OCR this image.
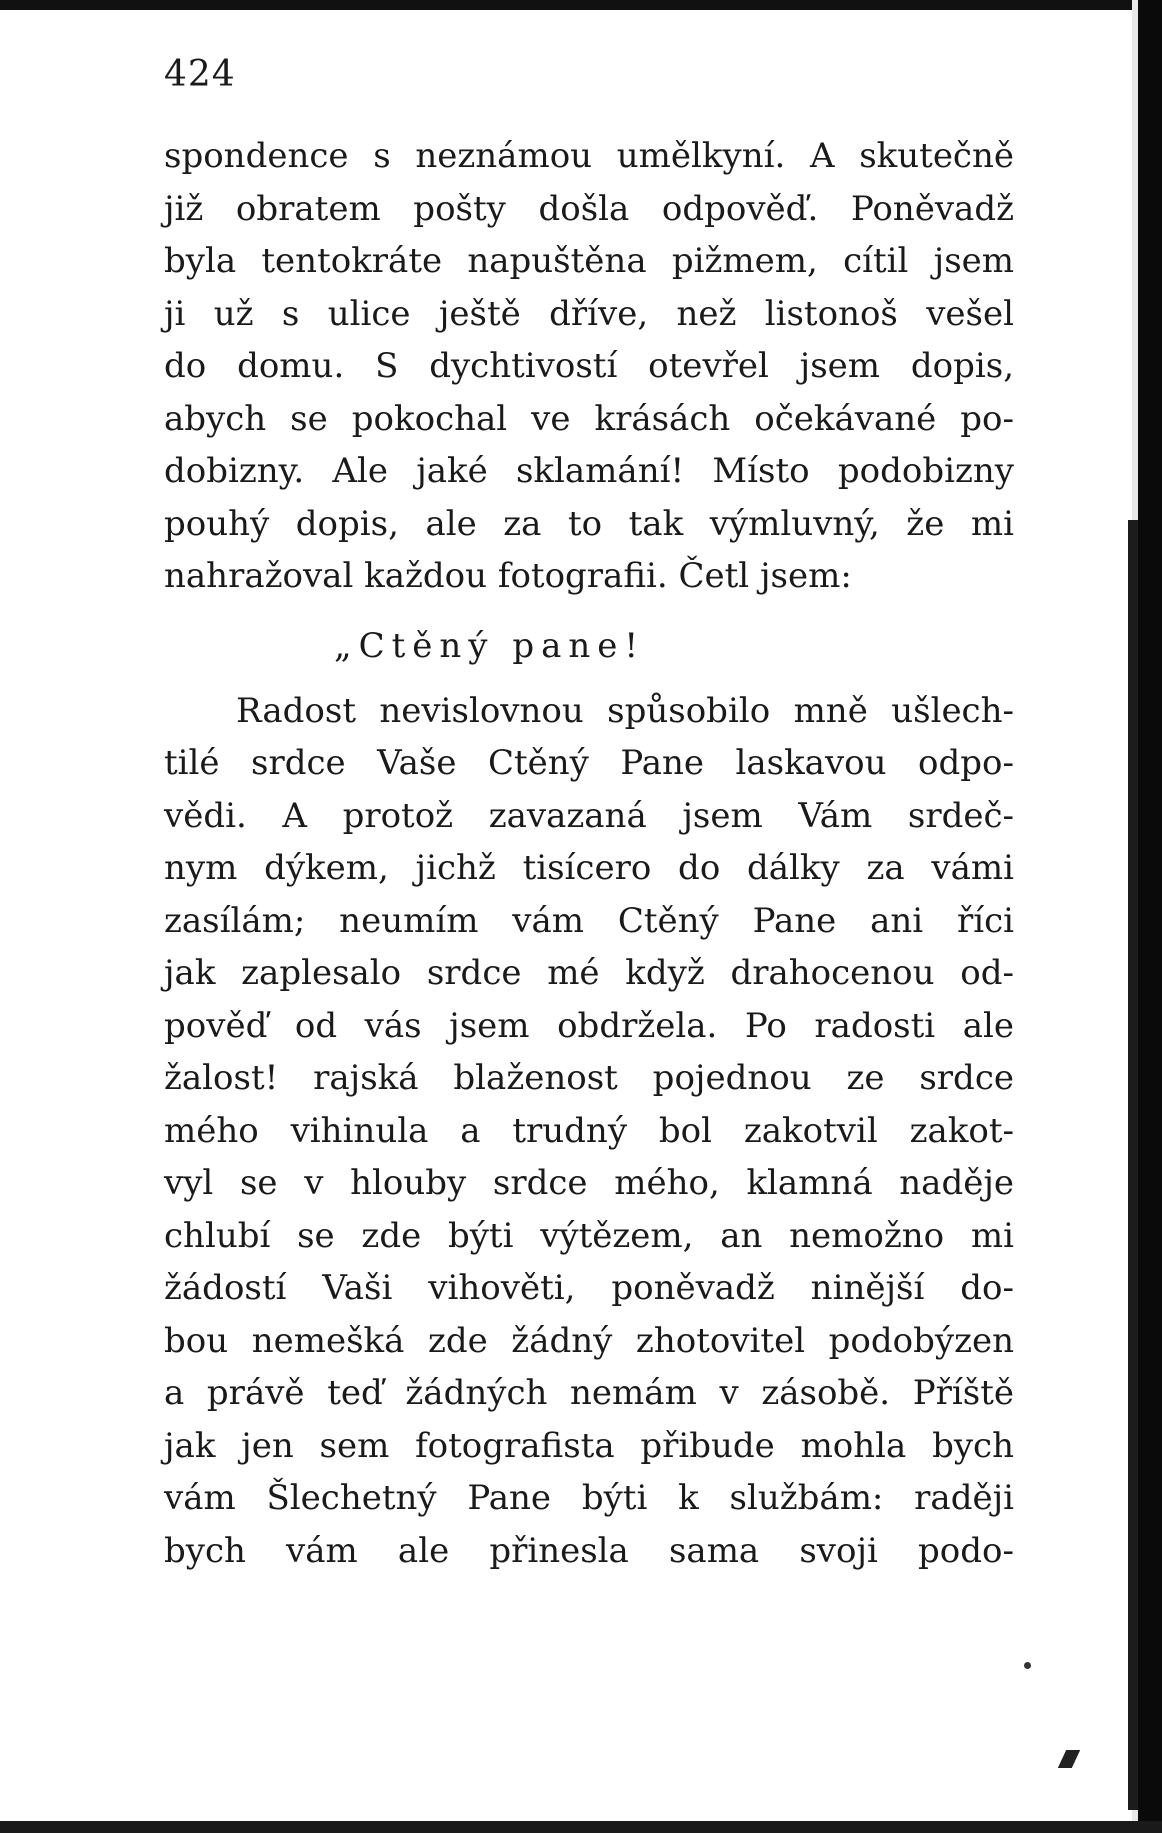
424
spondence s neznámou umělkyní. A skutečně
již obratem pošty došla odpověď. Poněvadž
byla tentokráte napuštěna pižmem, cítil jsem
ji už s ulice ještě dříve, než listonoš vešel
do domu. S dychtivostí otevřel jsem dopis,
abych se pokochal ve krásách očekávané po-
dobizny. Ale jaké sklamání! Místo podobizny
pouhý dopis, ale za to tak výmluvný, že mi
nahražoval každou fotografii. Četl jsem:
„Ctěný pane!
Radost nevislovnou spůsobilo mně ušlech-
tilé srdce Vaše Ctěný Pane laskavou odpo-
vědi. A protož zavazaná jsem Vám srdeč-
nym dýkem, jichž tisícero do dálky za vámi
zasílám; neumím vám Ctěný Pane ani říci
jak zaplesalo srdce mé když drahocenou od-
pověď od vás jsem obdržela. Po radosti ale
žalost! rajská blaženost pojednou ze srdce
mého vihinula a trudný bol zakotvil zakot-
vyl se v hlouby srdce mého, klamná naděje
chlubí se zde býti výtězem, an nemožno mi
žádostí Vaši vihověti, poněvadž ninější do-
bou nemešká zde žádný zhotovitel podobýzen
a právě teď žádných nemám v zásobě. Příště
jak jen sem fotografista přibude mohla bych
vám Šlechetný Pane býti k službám: raději
bych vám ale přinesla sama svoji podo-
